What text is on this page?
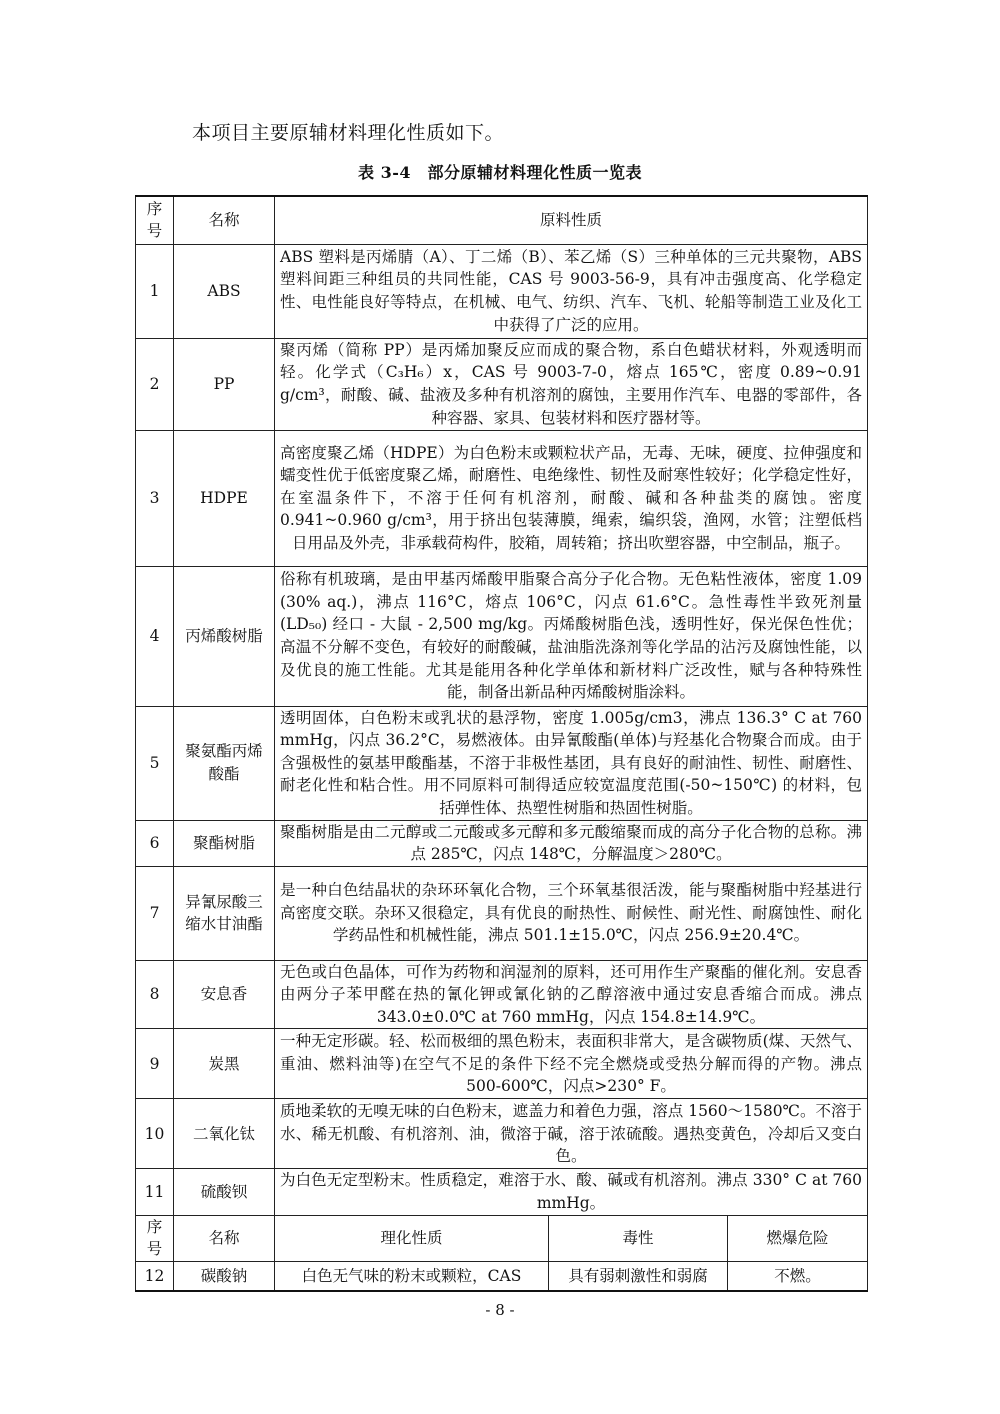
本项目主要原辅材料理化性质如下。
表 3-4　部分原辅材料理化性质一览表
序号	名称	原料性质		
1	ABS	ABS 塑料是丙烯腈（A）、丁二烯（B）、苯乙烯（S）三种单体的三元共聚物，ABS 塑料间距三种组员的共同性能，CAS 号 9003-56-9，具有冲击强度高、化学稳定性、电性能良好等特点，在机械、电气、纺织、汽车、飞机、轮船等制造工业及化工中获得了广泛的应用。		
2	PP	聚丙烯（简称 PP）是丙烯加聚反应而成的聚合物，系白色蜡状材料，外观透明而轻。化学式（C₃H₆）x，CAS 号 9003-7-0，熔点 165℃，密度 0.89~0.91 g/cm³，耐酸、碱、盐液及多种有机溶剂的腐蚀，主要用作汽车、电器的零部件，各种容器、家具、包装材料和医疗器材等。		
3	HDPE	高密度聚乙烯（HDPE）为白色粉末或颗粒状产品，无毒、无味，硬度、拉伸强度和蠕变性优于低密度聚乙烯，耐磨性、电绝缘性、韧性及耐寒性较好；化学稳定性好，在室温条件下，不溶于任何有机溶剂，耐酸、碱和各种盐类的腐蚀。密度 0.941~0.960 g/cm³，用于挤出包装薄膜，绳索，编织袋，渔网，水管；注塑低档日用品及外壳，非承载荷构件，胶箱，周转箱；挤出吹塑容器，中空制品，瓶子。		
4	丙烯酸树脂	俗称有机玻璃，是由甲基丙烯酸甲脂聚合高分子化合物。无色粘性液体，密度 1.09 (30% aq.)，沸点 116°C，熔点 106°C，闪点 61.6°C。急性毒性半致死剂量(LD₅₀) 经口 - 大鼠 - 2,500 mg/kg。丙烯酸树脂色浅，透明性好，保光保色性优；高温不分解不变色，有较好的耐酸碱，盐油脂洗涤剂等化学品的沾污及腐蚀性能，以及优良的施工性能。尤其是能用各种化学单体和新材料广泛改性，赋与各种特殊性能，制备出新品种丙烯酸树脂涂料。		
5	聚氨酯丙烯酸酯	透明固体，白色粉末或乳状的悬浮物，密度 1.005g/cm3，沸点 136.3° C at 760 mmHg，闪点 36.2°C，易燃液体。由异氰酸酯(单体)与羟基化合物聚合而成。由于含强极性的氨基甲酸酯基，不溶于非极性基团，具有良好的耐油性、韧性、耐磨性、耐老化性和粘合性。用不同原料可制得适应较宽温度范围(-50~150℃) 的材料，包括弹性体、热塑性树脂和热固性树脂。		
6	聚酯树脂	聚酯树脂是由二元醇或二元酸或多元醇和多元酸缩聚而成的高分子化合物的总称。沸点 285℃，闪点 148℃，分解温度＞280℃。		
7	异氰尿酸三缩水甘油酯	是一种白色结晶状的杂环环氧化合物，三个环氧基很活泼，能与聚酯树脂中羟基进行高密度交联。杂环又很稳定，具有优良的耐热性、耐候性、耐光性、耐腐蚀性、耐化学药品性和机械性能，沸点 501.1±15.0℃，闪点 256.9±20.4℃。		
8	安息香	无色或白色晶体，可作为药物和润湿剂的原料，还可用作生产聚酯的催化剂。安息香由两分子苯甲醛在热的氰化钾或氰化钠的乙醇溶液中通过安息香缩合而成。沸点 343.0±0.0℃ at 760 mmHg，闪点 154.8±14.9℃。		
9	炭黑	一种无定形碳。轻、松而极细的黑色粉末，表面积非常大，是含碳物质(煤、天然气、重油、燃料油等)在空气不足的条件下经不完全燃烧或受热分解而得的产物。沸点 500-600℃，闪点>230° F。		
10	二氧化钛	质地柔软的无嗅无味的白色粉末，遮盖力和着色力强，溶点 1560～1580℃。不溶于水、稀无机酸、有机溶剂、油，微溶于碱，溶于浓硫酸。遇热变黄色，冷却后又变白色。		
11	硫酸钡	为白色无定型粉末。性质稳定，难溶于水、酸、碱或有机溶剂。沸点 330° C at 760 mmHg。		
序号	名称	理化性质	毒性	燃爆危险
12	碳酸钠	白色无气味的粉末或颗粒，CAS	具有弱刺激性和弱腐	不燃。
- 8 -
